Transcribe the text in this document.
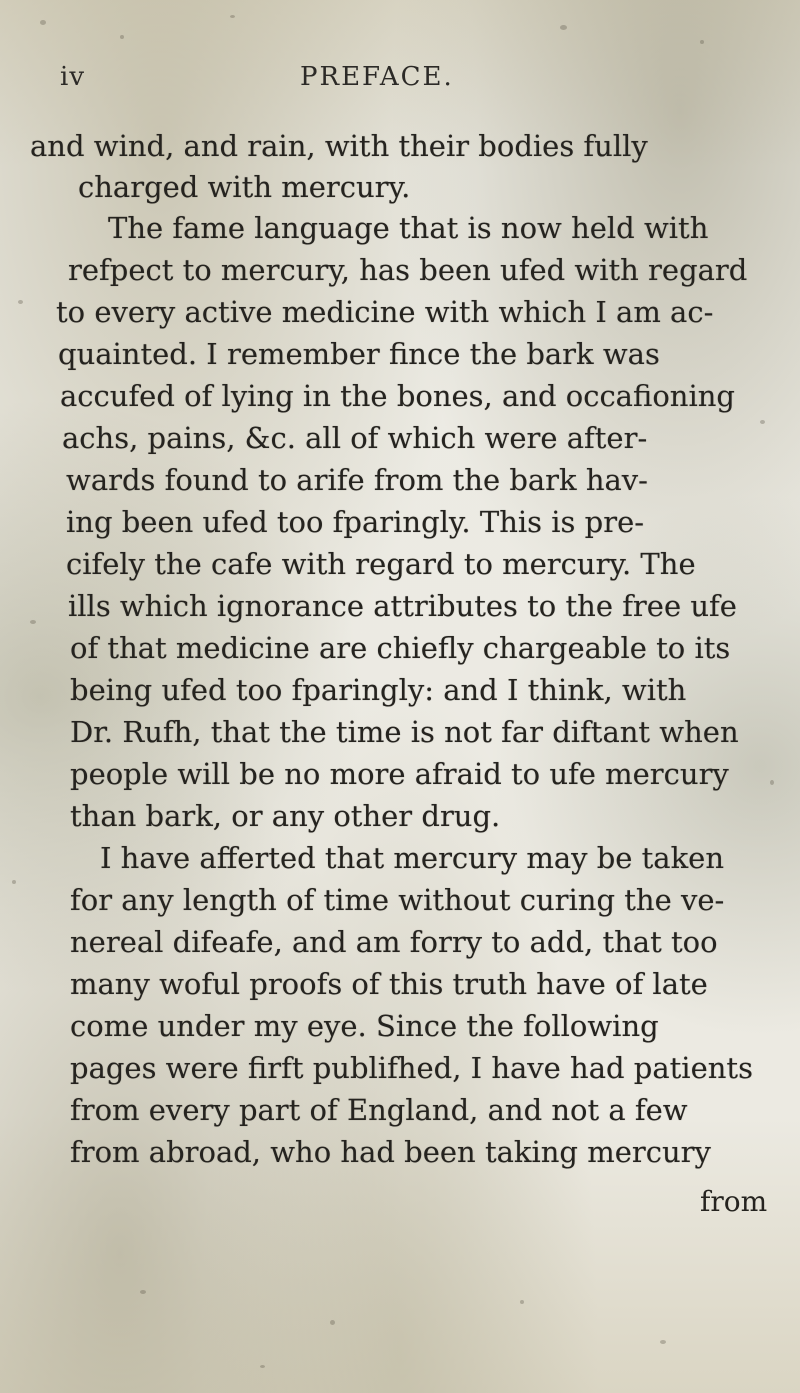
iv	PREFACE.
and wind, and rain, with their bodies fully
charged with mercury.
The fame language that is now held with
refpect to mercury, has been ufed with regard
to every active medicine with which I am ac-
quainted. I remember fince the bark was
accufed of lying in the bones, and occafioning
achs, pains, &c. all of which were after-
wards found to arife from the bark hav-
ing been ufed too fparingly. This is pre-
cifely the cafe with regard to mercury. The
ills which ignorance attributes to the free ufe
of that medicine are chiefly chargeable to its
being ufed too fparingly: and I think, with
Dr. Rufh, that the time is not far diftant when
people will be no more afraid to ufe mercury
than bark, or any other drug.
I have afferted that mercury may be taken
for any length of time without curing the ve-
nereal difeafe, and am forry to add, that too
many woful proofs of this truth have of late
come under my eye. Since the following
pages were firft publifhed, I have had patients
from every part of England, and not a few
from abroad, who had been taking mercury
from
